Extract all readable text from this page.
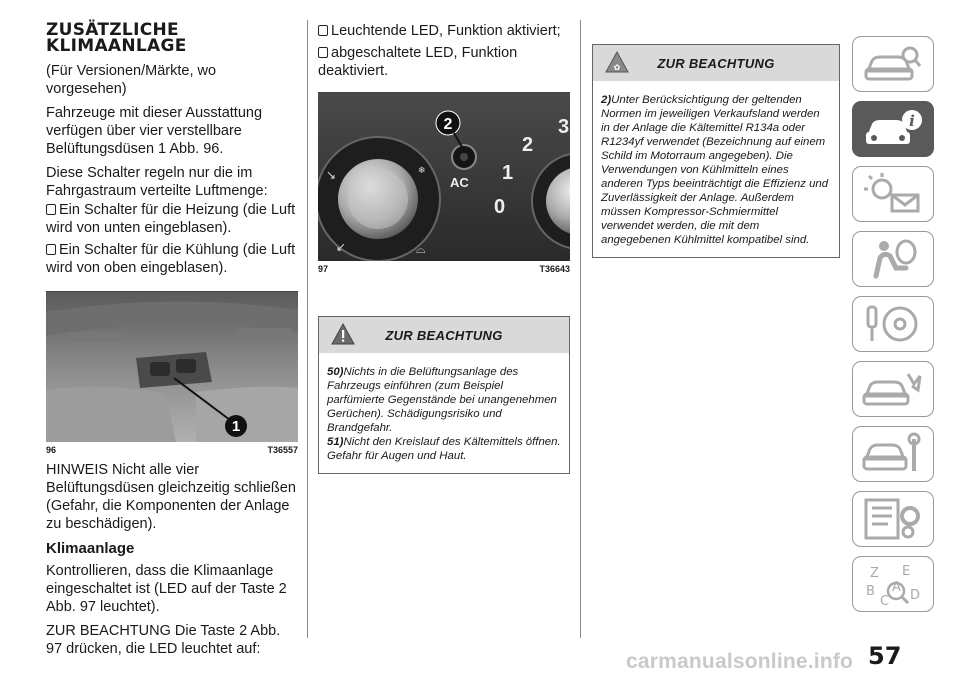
ZUSÄTZLICHE
KLIMAANLAGE

(Für Versionen/Märkte, wo vorgesehen)

Fahrzeuge mit dieser Ausstattung verfügen über vier verstellbare Belüftungsdüsen 1 Abb. 96.

Diese Schalter regeln nur die im Fahrgastraum verteilte Luftmenge:

Ein Schalter für die Heizung (die Luft wird von unten eingeblasen).
Ein Schalter für die Kühlung (die Luft wird von oben eingeblasen).
1
96	T36557

HINWEIS Nicht alle vier Belüftungsdüsen gleichzeitig schließen (Gefahr, die Komponenten der Anlage zu beschädigen).

Klimaanlage

Kontrollieren, dass die Klimaanlage eingeschaltet ist (LED auf der Taste 2 Abb. 97 leuchtet).

ZUR BEACHTUNG Die Taste 2 Abb. 97 drücken, die LED leuchtet auf:

Leuchtende LED, Funktion aktiviert;
abgeschaltete LED, Funktion deaktiviert.
AC
2
3
1
0
❄
↘
↙	⌓
2
97	T36643
ZUR BEACHTUNG
50)Nichts in die Belüftungsanlage des Fahrzeugs einführen (zum Beispiel parfümierte Gegenstände bei unangenehmen Gerüchen). Schädigungsrisiko und Brandgefahr.
51)Nicht den Kreislauf des Kältemittels öffnen. Gefahr für Augen und Haut.
✿	ZUR BEACHTUNG
2)Unter Berücksichtigung der geltenden Normen im jeweiligen Verkaufsland werden in der Anlage die Kältemittel R134a oder R1234yf verwendet (Bezeichnung auf einem Schild im Motorraum angegeben). Die Verwendungen von Kühlmitteln eines anderen Typs beeinträchtigt die Effizienz und Zuverlässigkeit der Anlage. Außerdem müssen Kompressor-Schmiermittel verwendet werden, die mit dem angegebenen Kühlmittel kompatibel sind.
i
Z E
A
B
C D
57
carmanualsonline.info
